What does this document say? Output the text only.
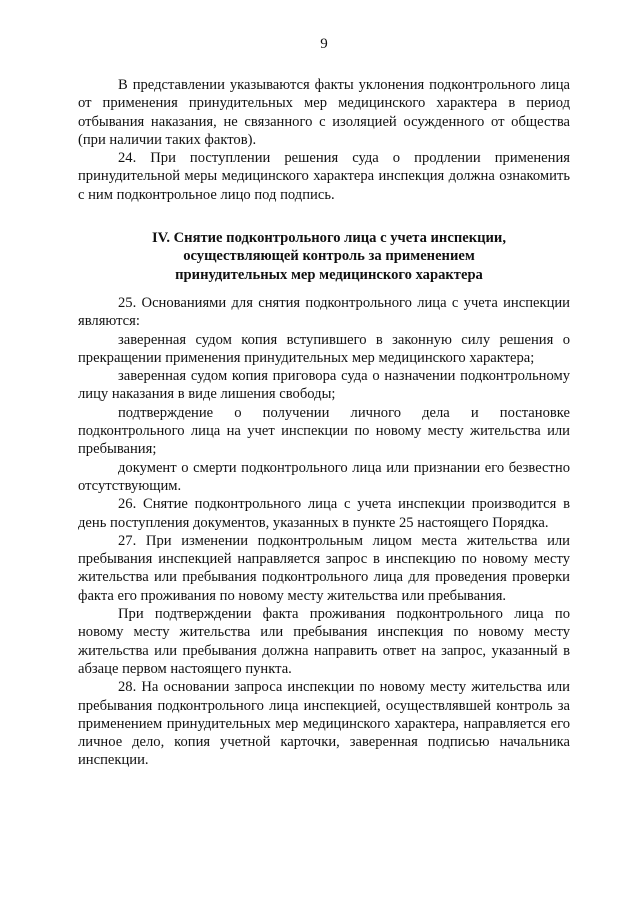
9

В представлении указываются факты уклонения подконтрольного лица от применения принудительных мер медицинского характера в период отбывания наказания, не связанного с изоляцией осужденного от общества (при наличии таких фактов).

24. При поступлении решения суда о продлении применения принудительной меры медицинского характера инспекция должна ознакомить с ним подконтрольное лицо под подпись.

IV. Снятие подконтрольного лица с учета инспекции,
осуществляющей контроль за применением
принудительных мер медицинского характера

25. Основаниями для снятия подконтрольного лица с учета инспекции являются:

заверенная судом копия вступившего в законную силу решения о прекращении применения принудительных мер медицинского характера;

заверенная судом копия приговора суда о назначении подконтрольному лицу наказания в виде лишения свободы;

подтверждение о получении личного дела и постановке подконтрольного лица на учет инспекции по новому месту жительства или пребывания;

документ о смерти подконтрольного лица или признании его безвестно отсутствующим.

26. Снятие подконтрольного лица с учета инспекции производится в день поступления документов, указанных в пункте 25 настоящего Порядка.

27. При изменении подконтрольным лицом места жительства или пребывания инспекцией направляется запрос в инспекцию по новому месту жительства или пребывания подконтрольного лица для проведения проверки факта его проживания по новому месту жительства или пребывания.

При подтверждении факта проживания подконтрольного лица по новому месту жительства или пребывания инспекция по новому месту жительства или пребывания должна направить ответ на запрос, указанный в абзаце первом настоящего пункта.

28. На основании запроса инспекции по новому месту жительства или пребывания подконтрольного лица инспекцией, осуществлявшей контроль за применением принудительных мер медицинского характера, направляется его личное дело, копия учетной карточки, заверенная подписью начальника инспекции.
